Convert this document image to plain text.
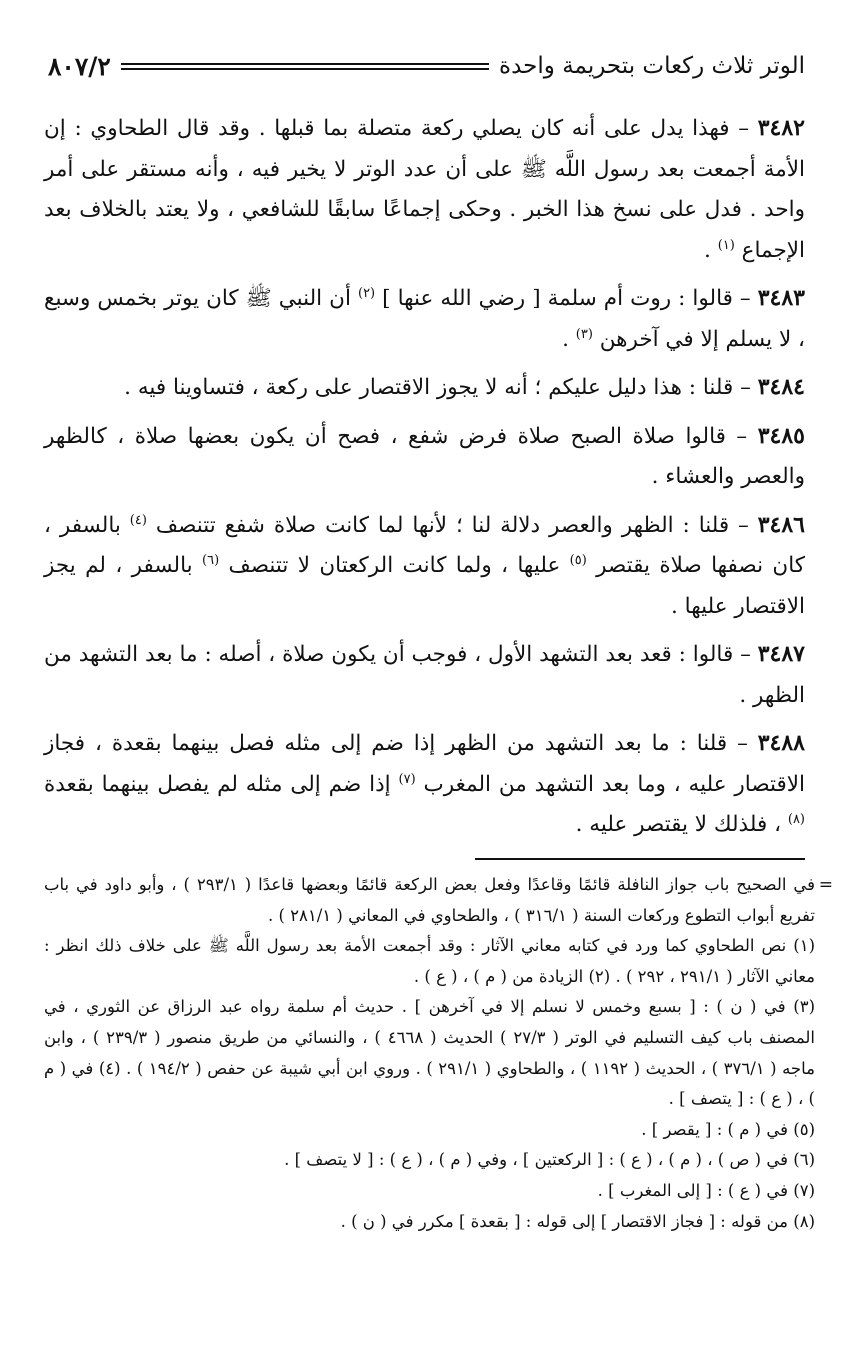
الوتر ثلاث ركعات بتحريمة واحدة
٨٠٧/٢

٣٤٨٢ – فهذا يدل على أنه كان يصلي ركعة متصلة بما قبلها . وقد قال الطحاوي : إن الأمة أجمعت بعد رسول اللَّه ﷺ على أن عدد الوتر لا يخير فيه ، وأنه مستقر على أمر واحد . فدل على نسخ هذا الخبر . وحكى إجماعًا سابقًا للشافعي ، ولا يعتد بالخلاف بعد الإجماع $^{(١)}$ .

٣٤٨٣ – قالوا : روت أم سلمة [ رضي الله عنها ] $^{(٢)}$ أن النبي ﷺ كان يوتر بخمس وسبع ، لا يسلم إلا في آخرهن $^{(٣)}$ .

٣٤٨٤ – قلنا : هذا دليل عليكم ؛ أنه لا يجوز الاقتصار على ركعة ، فتساوينا فيه .

٣٤٨٥ – قالوا صلاة الصبح صلاة فرض شفع ، فصح أن يكون بعضها صلاة ، كالظهر والعصر والعشاء .

٣٤٨٦ – قلنا : الظهر والعصر دلالة لنا ؛ لأنها لما كانت صلاة شفع تتنصف $^{(٤)}$ بالسفر ، كان نصفها صلاة يقتصر $^{(٥)}$ عليها ، ولما كانت الركعتان لا تتنصف $^{(٦)}$ بالسفر ، لم يجز الاقتصار عليها .

٣٤٨٧ – قالوا : قعد بعد التشهد الأول ، فوجب أن يكون صلاة ، أصله : ما بعد التشهد من الظهر .

٣٤٨٨ – قلنا : ما بعد التشهد من الظهر إذا ضم إلى مثله فصل بينهما بقعدة ، فجاز الاقتصار عليه ، وما بعد التشهد من المغرب $^{(٧)}$ إذا ضم إلى مثله لم يفصل بينهما بقعدة $^{(٨)}$ ، فلذلك لا يقتصر عليه .

=
في الصحيح باب جواز النافلة قائمًا وقاعدًا وفعل بعض الركعة قائمًا وبعضها قاعدًا ( ٢٩٣/١ ) ، وأبو داود في باب تفريع أبواب التطوع وركعات السنة ( ٣١٦/١ ) ، والطحاوي في المعاني ( ٢٨١/١ ) .

(١) نص الطحاوي كما ورد في كتابه معاني الآثار : وقد أجمعت الأمة بعد رسول اللَّه ﷺ على خلاف ذلك انظر : معاني الآثار ( ٢٩١/١ ، ٢٩٢ ) . (٢) الزيادة من ( م ) ، ( ع ) .

(٣) في ( ن ) : [ بسبع وخمس لا نسلم إلا في آخرهن ] . حديث أم سلمة رواه عبد الرزاق عن الثوري ، في المصنف باب كيف التسليم في الوتر ( ٢٧/٣ ) الحديث ( ٤٦٦٨ ) ، والنسائي من طريق منصور ( ٢٣٩/٣ ) ، وابن ماجه ( ٣٧٦/١ ) ، الحديث ( ١١٩٢ ) ، والطحاوي ( ٢٩١/١ ) . وروي ابن أبي شيبة عن حفص ( ١٩٤/٢ ) . (٤) في ( م ) ، ( ع ) : [ يتصف ] .

(٥) في ( م ) : [ يقصر ] .

(٦) في ( ص ) ، ( م ) ، ( ع ) : [ الركعتين ] ، وفي ( م ) ، ( ع ) : [ لا يتصف ] .

(٧) في ( ع ) : [ إلى المغرب ] .

(٨) من قوله : [ فجاز الاقتصار ] إلى قوله : [ بقعدة ] مكرر في ( ن ) .
